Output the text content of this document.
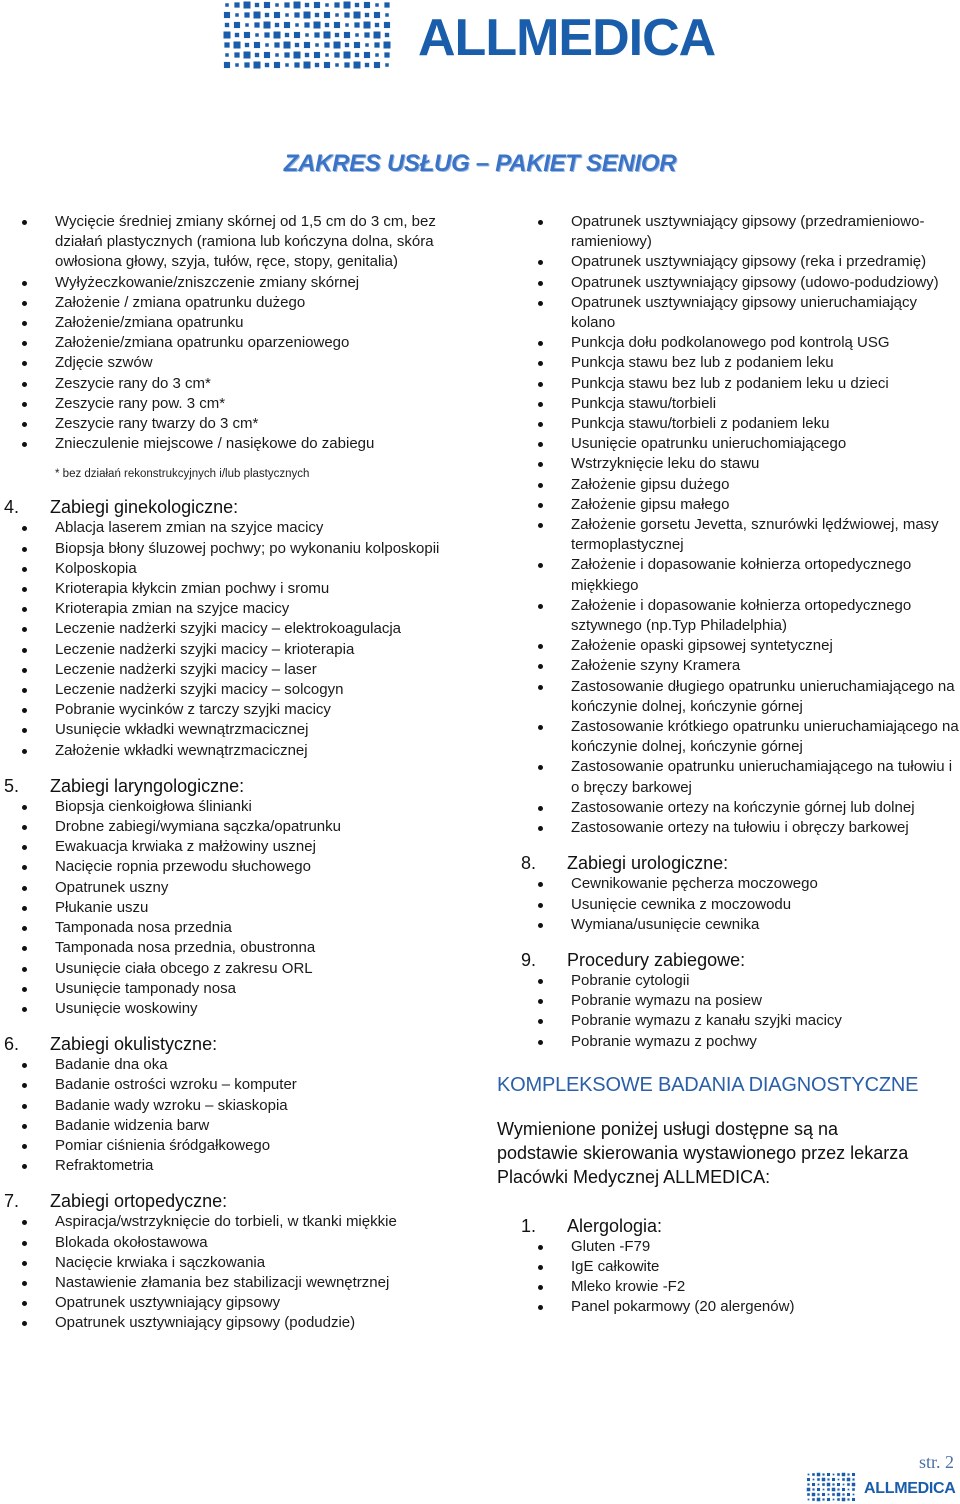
ALLMEDICA
ZAKRES USŁUG – PAKIET SENIOR
Wycięcie średniej zmiany skórnej od 1,5 cm do 3 cm, bez działań plastycznych (ramiona lub kończyna dolna, skóra owłosiona głowy, szyja, tułów, ręce, stopy, genitalia)
Wyłyżeczkowanie/zniszczenie zmiany skórnej
Założenie / zmiana opatrunku dużego
Założenie/zmiana opatrunku
Założenie/zmiana opatrunku oparzeniowego
Zdjęcie szwów
Zeszycie rany do 3 cm*
Zeszycie rany pow. 3 cm*
Zeszycie rany twarzy do 3 cm*
Znieczulenie miejscowe / nasiękowe do zabiegu
* bez działań rekonstrukcyjnych i/lub plastycznych
4. Zabiegi ginekologiczne:
Ablacja laserem zmian na szyjce macicy
Biopsja błony śluzowej pochwy; po wykonaniu kolposkopii
Kolposkopia
Krioterapia kłykcin zmian pochwy i sromu
Krioterapia zmian na szyjce macicy
Leczenie nadżerki szyjki macicy – elektrokoagulacja
Leczenie nadżerki szyjki macicy – krioterapia
Leczenie nadżerki szyjki macicy – laser
Leczenie nadżerki szyjki macicy – solcogyn
Pobranie wycinków z tarczy szyjki macicy
Usunięcie wkładki wewnątrzmacicznej
Założenie wkładki wewnątrzmacicznej
5. Zabiegi laryngologiczne:
Biopsja cienkoigłowa ślinianki
Drobne zabiegi/wymiana sączka/opatrunku
Ewakuacja krwiaka z małżowiny usznej
Nacięcie ropnia przewodu słuchowego
Opatrunek uszny
Płukanie uszu
Tamponada nosa przednia
Tamponada nosa przednia, obustronna
Usunięcie ciała obcego z zakresu ORL
Usunięcie tamponady nosa
Usunięcie woskowiny
6. Zabiegi okulistyczne:
Badanie dna oka
Badanie ostrości wzroku – komputer
Badanie wady wzroku – skiaskopia
Badanie widzenia barw
Pomiar ciśnienia śródgałkowego
Refraktometria
7. Zabiegi ortopedyczne:
Aspiracja/wstrzyknięcie do torbieli, w tkanki miękkie
Blokada okołostawowa
Nacięcie krwiaka i sączkowania
Nastawienie złamania bez stabilizacji wewnętrznej
Opatrunek usztywniający gipsowy
Opatrunek usztywniający gipsowy (podudzie)
Opatrunek usztywniający gipsowy (przedramieniowo-ramieniowy)
Opatrunek usztywniający gipsowy (reka i przedramię)
Opatrunek usztywniający gipsowy (udowo-podudziowy)
Opatrunek usztywniający gipsowy unieruchamiający kolano
Punkcja dołu podkolanowego pod kontrolą USG
Punkcja stawu bez lub z podaniem leku
Punkcja stawu bez lub z podaniem leku u dzieci
Punkcja stawu/torbieli
Punkcja stawu/torbieli z podaniem leku
Usunięcie opatrunku unieruchomiającego
Wstrzyknięcie leku do stawu
Założenie gipsu dużego
Założenie gipsu małego
Założenie gorsetu Jevetta, sznurówki lędźwiowej, masy termoplastycznej
Założenie i dopasowanie kołnierza ortopedycznego miękkiego
Założenie i dopasowanie kołnierza ortopedycznego sztywnego (np.Typ Philadelphia)
Założenie opaski gipsowej syntetycznej
Założenie szyny Kramera
Zastosowanie długiego opatrunku unieruchamiającego na kończynie dolnej, kończynie górnej
Zastosowanie krótkiego opatrunku unieruchamiającego na kończynie dolnej, kończynie górnej
Zastosowanie opatrunku unieruchamiającego na tułowiu i o bręczy barkowej
Zastosowanie ortezy na kończynie górnej lub dolnej
Zastosowanie ortezy na tułowiu i obręczy barkowej
8. Zabiegi urologiczne:
Cewnikowanie pęcherza moczowego
Usunięcie cewnika z moczowodu
Wymiana/usunięcie cewnika
9. Procedury zabiegowe:
Pobranie cytologii
Pobranie wymazu na posiew
Pobranie wymazu z kanału szyjki macicy
Pobranie wymazu z pochwy
KOMPLEKSOWE BADANIA DIAGNOSTYCZNE
Wymienione poniżej usługi dostępne są na podstawie skierowania wystawionego przez lekarza Placówki Medycznej ALLMEDICA:
1. Alergologia:
Gluten -F79
IgE całkowite
Mleko krowie -F2
Panel pokarmowy (20 alergenów)
str. 2
ALLMEDICA
